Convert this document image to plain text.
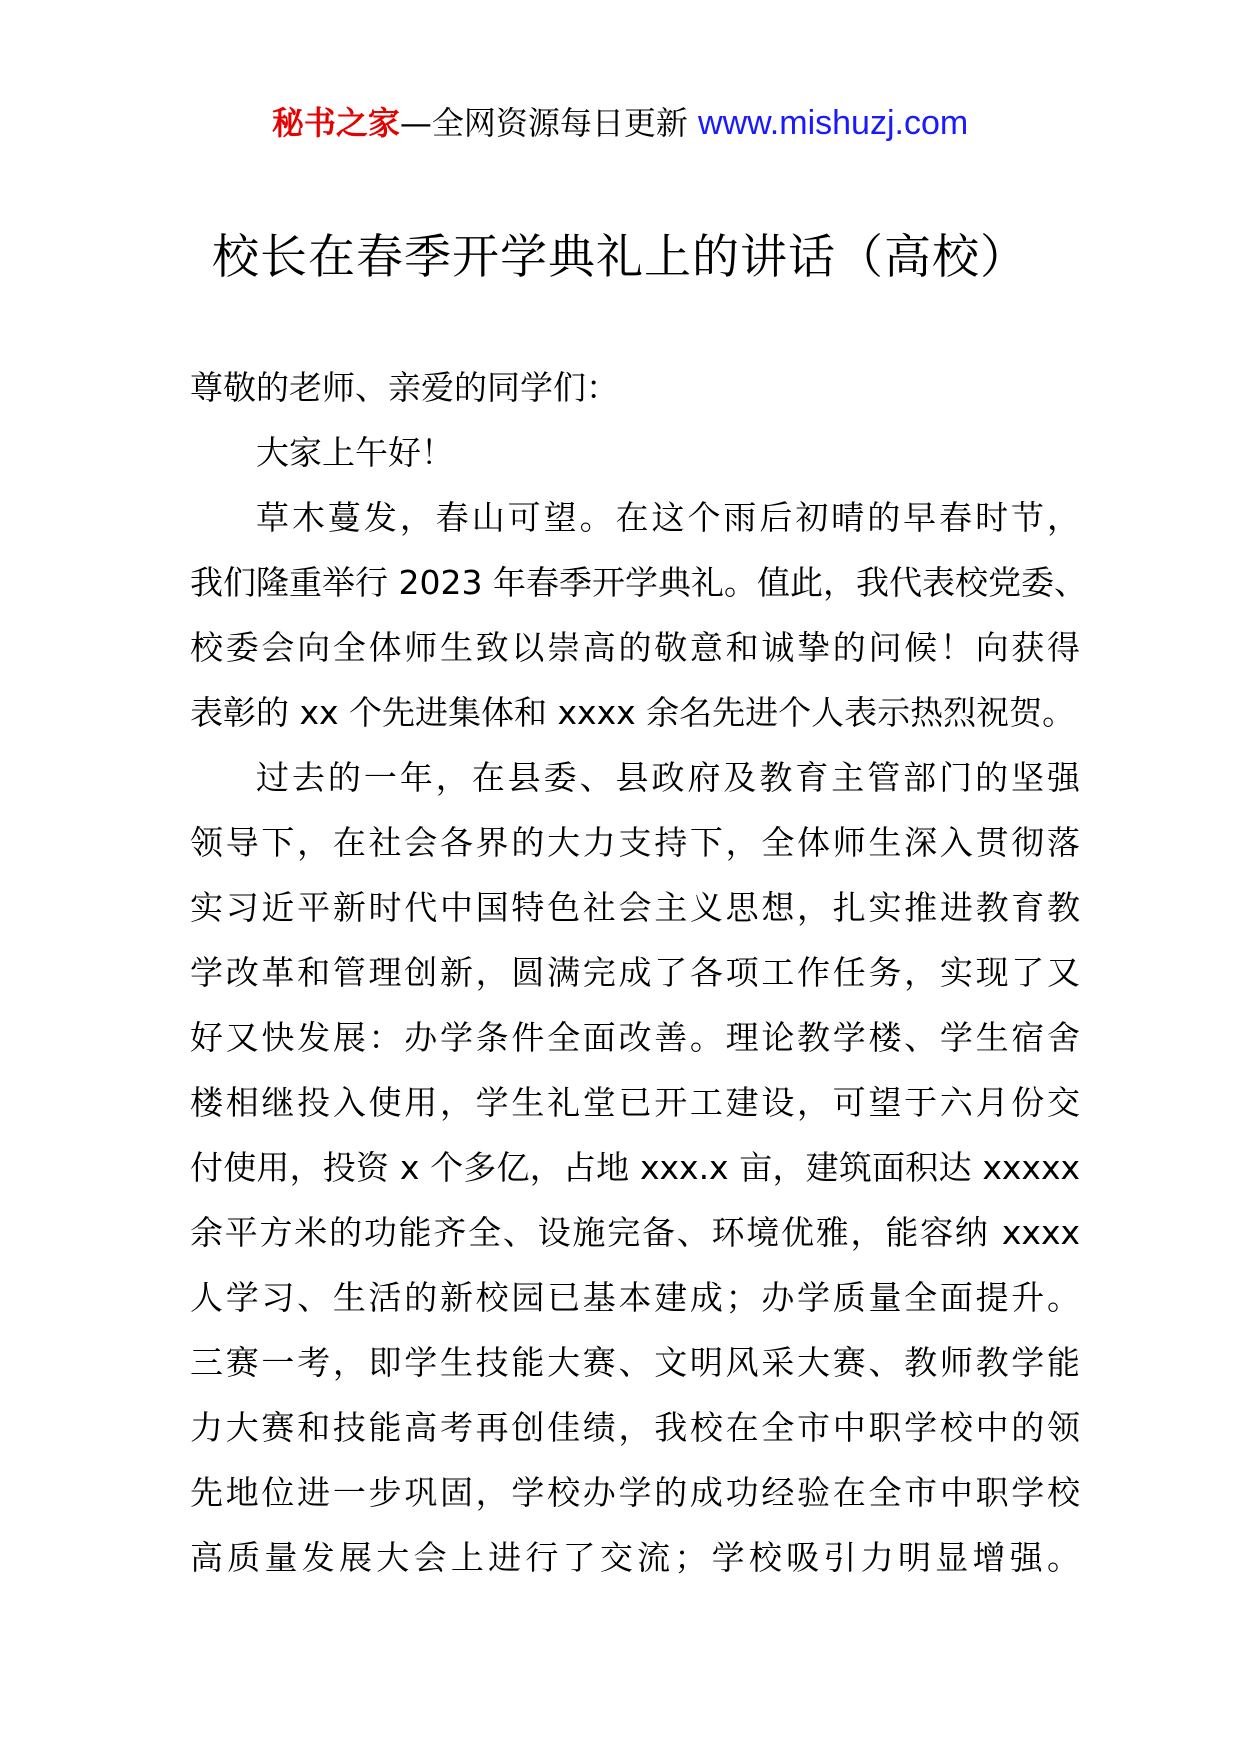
秘书之家—全网资源每日更新 www.mishuzj.com
校长在春季开学典礼上的讲话（高校）

尊敬的老师、亲爱的同学们：

大家上午好！

草木蔓发，春山可望。在这个雨后初晴的早春时节，
我们隆重举行 2023 年春季开学典礼。值此，我代表校党委、
校委会向全体师生致以崇高的敬意和诚挚的问候！向获得
表彰的 xx 个先进集体和 xxxx 余名先进个人表示热烈祝贺。

过去的一年，在县委、县政府及教育主管部门的坚强
领导下，在社会各界的大力支持下，全体师生深入贯彻落
实习近平新时代中国特色社会主义思想，扎实推进教育教
学改革和管理创新，圆满完成了各项工作任务，实现了又
好又快发展：办学条件全面改善。理论教学楼、学生宿舍
楼相继投入使用，学生礼堂已开工建设，可望于六月份交
付使用，投资 x 个多亿，占地 xxx.x 亩，建筑面积达 xxxxx
余平方米的功能齐全、设施完备、环境优雅，能容纳 xxxx
人学习、生活的新校园已基本建成；办学质量全面提升。
三赛一考，即学生技能大赛、文明风采大赛、教师教学能
力大赛和技能高考再创佳绩，我校在全市中职学校中的领
先地位进一步巩固，学校办学的成功经验在全市中职学校
高质量发展大会上进行了交流；学校吸引力明显增强。
